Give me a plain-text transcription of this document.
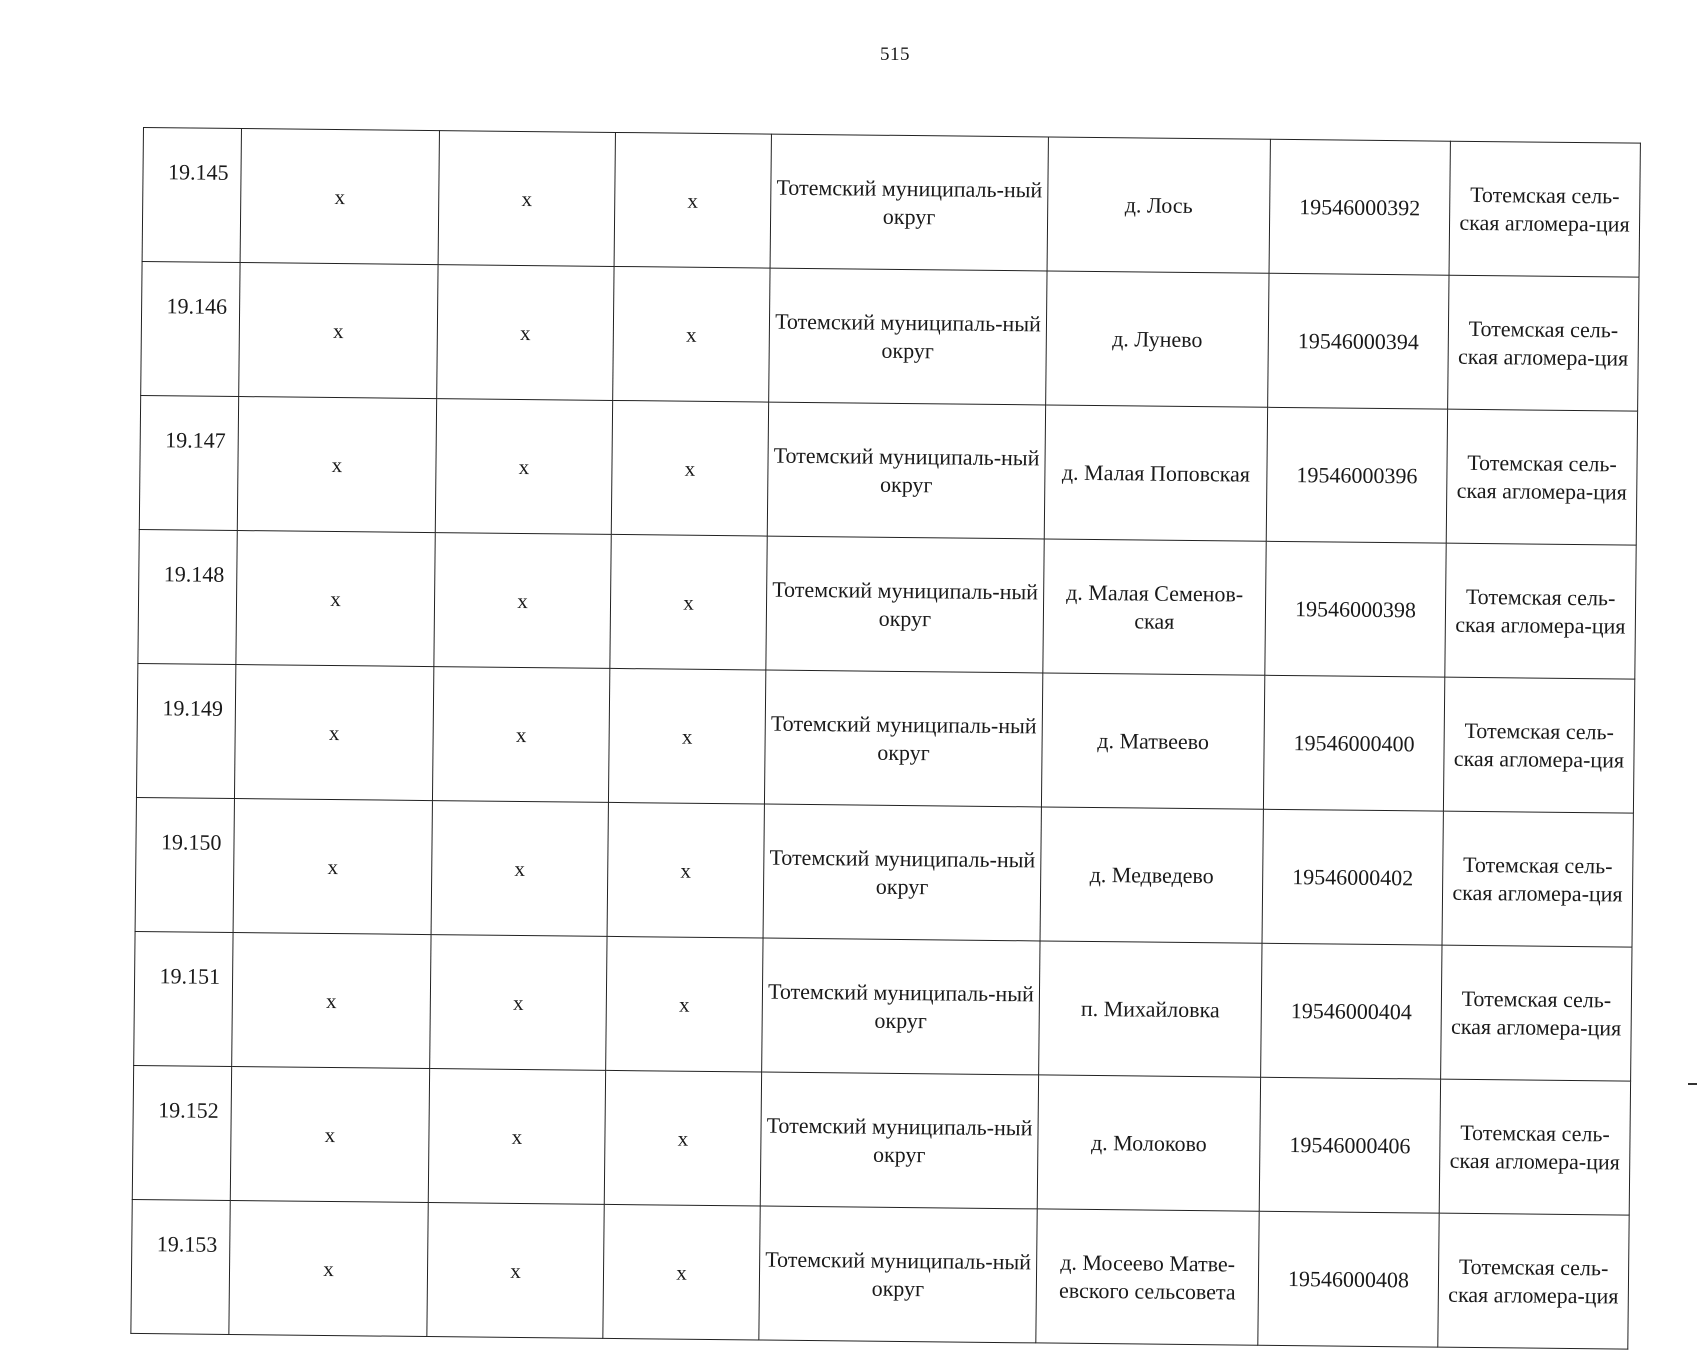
515
19.145	х	х	х	Тотемский муниципаль-ный округ	д. Лось	19546000392	Тотемская сель-ская агломера-ция
19.146	х	х	х	Тотемский муниципаль-ный округ	д. Лунево	19546000394	Тотемская сель-ская агломера-ция
19.147	х	х	х	Тотемский муниципаль-ный округ	д. Малая Поповская	19546000396	Тотемская сель-ская агломера-ция
19.148	х	х	х	Тотемский муниципаль-ный округ	д. Малая Семенов-ская	19546000398	Тотемская сель-ская агломера-ция
19.149	х	х	х	Тотемский муниципаль-ный округ	д. Матвеево	19546000400	Тотемская сель-ская агломера-ция
19.150	х	х	х	Тотемский муниципаль-ный округ	д. Медведево	19546000402	Тотемская сель-ская агломера-ция
19.151	х	х	х	Тотемский муниципаль-ный округ	п. Михайловка	19546000404	Тотемская сель-ская агломера-ция
19.152	х	х	х	Тотемский муниципаль-ный округ	д. Молоково	19546000406	Тотемская сель-ская агломера-ция
19.153	х	х	х	Тотемский муниципаль-ный округ	д. Мосеево Матве-евского сельсовета	19546000408	Тотемская сель-ская агломера-ция
